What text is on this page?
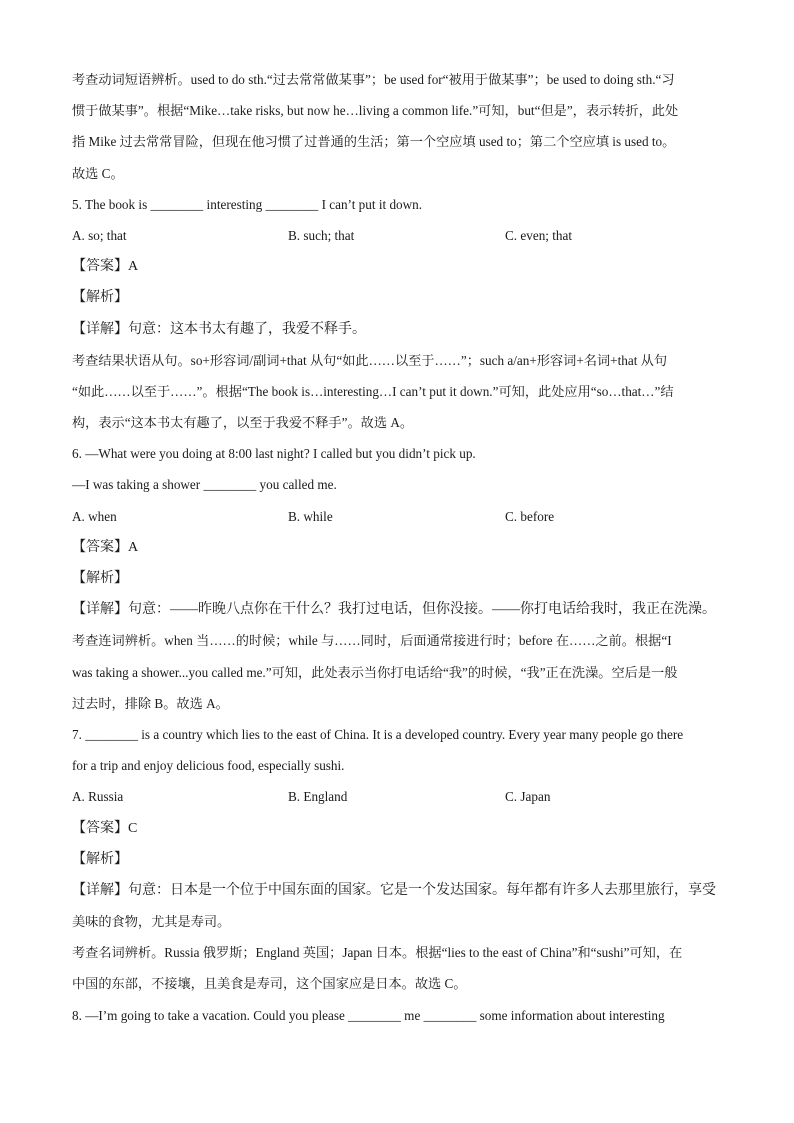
考查动词短语辨析。used to do sth.“过去常常做某事”；be used for“被用于做某事”；be used to doing sth.“习
惯于做某事”。根据“Mike…take risks, but now he…living a common life.”可知，but“但是”，表示转折，此处
指 Mike 过去常常冒险，但现在他习惯了过普通的生活；第一个空应填 used to；第二个空应填 is used to。
故选 C。
5. The book is ________ interesting ________ I can’t put it down.
A. so; that	B. such; that	C. even; that
【答案】A
【解析】
【详解】句意：这本书太有趣了，我爱不释手。
考查结果状语从句。so+形容词/副词+that 从句“如此……以至于……”；such a/an+形容词+名词+that 从句
“如此……以至于……”。根据“The book is…interesting…I can’t put it down.”可知，此处应用“so…that…”结
构，表示“这本书太有趣了，以至于我爱不释手”。故选 A。
6. —What were you doing at 8:00 last night? I called but you didn’t pick up.
—I was taking a shower ________ you called me.
A. when	B. while	C. before
【答案】A
【解析】
【详解】句意：——昨晚八点你在干什么？我打过电话，但你没接。——你打电话给我时，我正在洗澡。
考查连词辨析。when 当……的时候；while 与……同时，后面通常接进行时；before 在……之前。根据“I
was taking a shower...you called me.”可知，此处表示当你打电话给“我”的时候，“我”正在洗澡。空后是一般
过去时，排除 B。故选 A。
7. ________ is a country which lies to the east of China. It is a developed country. Every year many people go there
for a trip and enjoy delicious food, especially sushi.
A. Russia	B. England	C. Japan
【答案】C
【解析】
【详解】句意：日本是一个位于中国东面的国家。它是一个发达国家。每年都有许多人去那里旅行，享受
美味的食物，尤其是寿司。
考查名词辨析。Russia 俄罗斯；England 英国；Japan 日本。根据“lies to the east of China”和“sushi”可知，在
中国的东部，不接壤，且美食是寿司，这个国家应是日本。故选 C。
8. —I’m going to take a vacation. Could you please ________ me ________ some information about interesting
